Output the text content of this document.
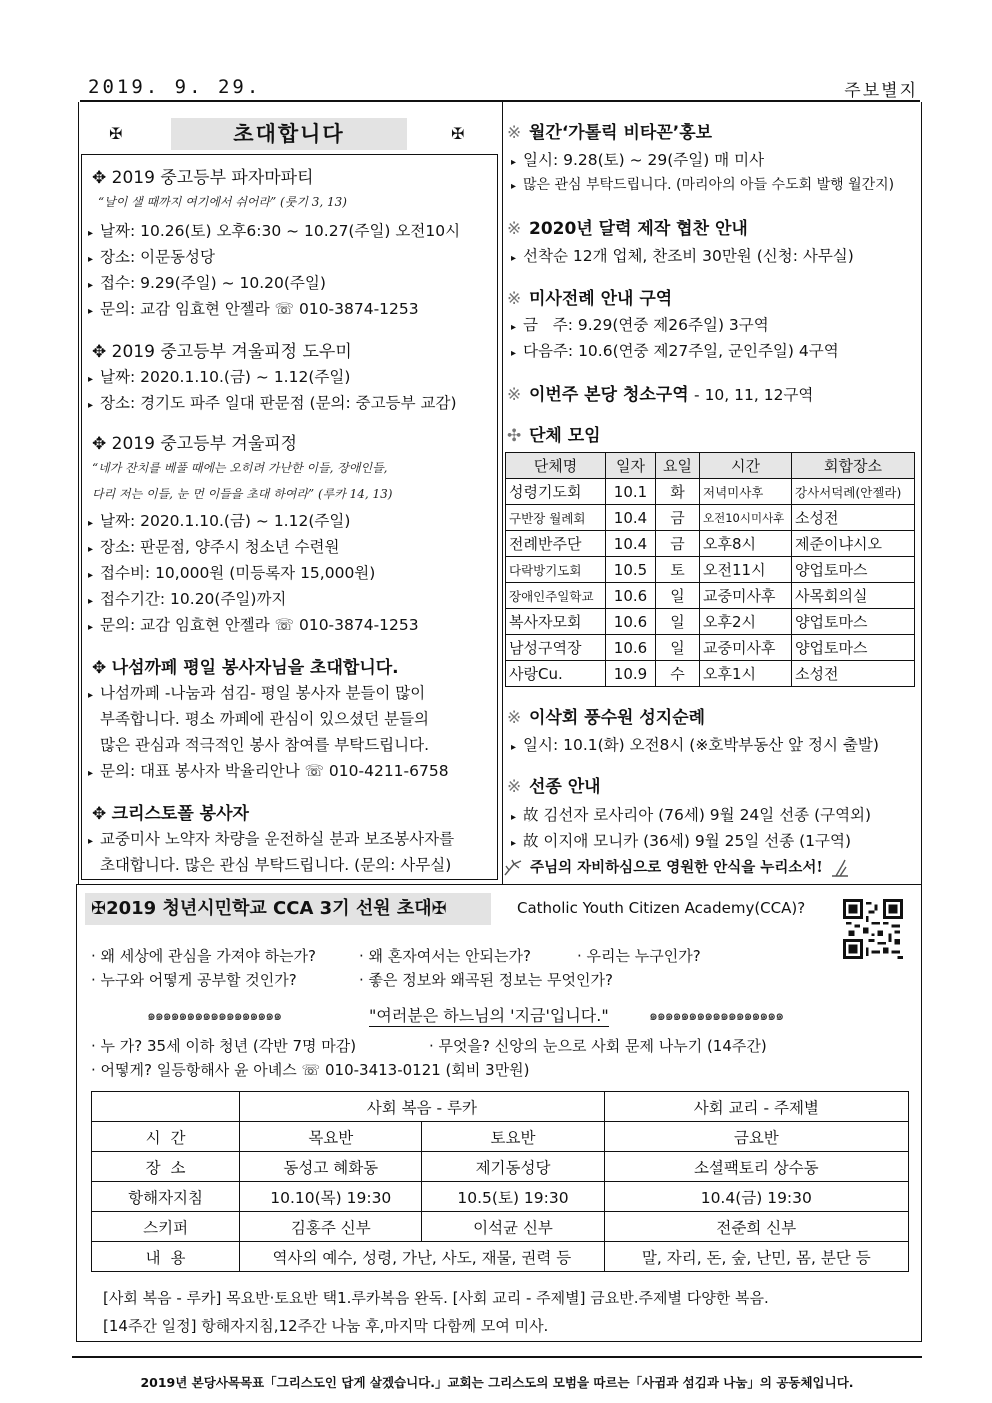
2019. 9. 29.	주보별지
✠	초대합니다	✠
✥ 2019 중고등부 파자마파티
“날이 샐 때까지 여기에서 쉬어라” (룻기 3, 13)
▸ 날짜: 10.26(토) 오후6:30 ~ 10.27(주일) 오전10시
▸ 장소: 이문동성당
▸ 접수: 9.29(주일) ~ 10.20(주일)
▸ 문의: 교감 임효현 안젤라 ☏ 010-3874-1253
✥ 2019 중고등부 겨울피정 도우미
▸ 날짜: 2020.1.10.(금) ~ 1.12(주일)
▸ 장소: 경기도 파주 일대 판문점 (문의: 중고등부 교감)
✥ 2019 중고등부 겨울피정
“네가 잔치를 베풀 때에는 오히려 가난한 이들, 장애인들,
다리 저는 이들, 눈 먼 이들을 초대 하여라” (루카 14, 13)
▸ 날짜: 2020.1.10.(금) ~ 1.12(주일)
▸ 장소: 판문점, 양주시 청소년 수련원
▸ 접수비: 10,000원 (미등록자 15,000원)
▸ 접수기간: 10.20(주일)까지
▸ 문의: 교감 임효현 안젤라 ☏ 010-3874-1253
✥ 나섬까페 평일 봉사자님을 초대합니다.
▸ 나섬까페 -나눔과 섬김- 평일 봉사자 분들이 많이
부족합니다. 평소 까페에 관심이 있으셨던 분들의
많은 관심과 적극적인 봉사 참여를 부탁드립니다.
▸ 문의: 대표 봉사자 박율리안나 ☏ 010-4211-6758
✥ 크리스토폴 봉사자
▸ 교중미사 노약자 차량을 운전하실 분과 보조봉사자를
초대합니다. 많은 관심 부탁드립니다. (문의: 사무실)
※ 월간‘가톨릭 비타꼰’홍보
▸ 일시: 9.28(토) ~ 29(주일) 매 미사
▸ 많은 관심 부탁드립니다. (마리아의 아들 수도회 발행 월간지)
※ 2020년 달력 제작 협찬 안내
▸ 선착순 12개 업체, 찬조비 30만원 (신청: 사무실)
※ 미사전례 안내 구역
▸ 금   주: 9.29(연중 제26주일) 3구역
▸ 다음주: 10.6(연중 제27주일, 군인주일) 4구역
※ 이번주 본당 청소구역 - 10, 11, 12구역
✣ 단체 모임
단체명	일자	요일	시간	회합장소
성령기도회	10.1	화	저녁미사후	강사서덕례(안젤라)
구반장 월례회	10.4	금	오전10시미사후	소성전
전례반주단	10.4	금	오후8시	제준이냐시오
다락방기도회	10.5	토	오전11시	양업토마스
장애인주일학교	10.6	일	교중미사후	사목회의실
복사자모회	10.6	일	오후2시	양업토마스
남성구역장	10.6	일	교중미사후	양업토마스
사랑Cu.	10.9	수	오후1시	소성전
※ 이삭회 풍수원 성지순례
▸ 일시: 10.1(화) 오전8시 (※호박부동산 앞 정시 출발)
※ 선종 안내
▸ 故 김선자 로사리아 (76세) 9월 24일 선종 (구역외)
▸ 故 이지애 모니카 (36세) 9월 25일 선종 (1구역)
주님의 자비하심으로 영원한 안식을 누리소서!
✠2019 청년시민학교 CCA 3기 선원 초대✠	Catholic Youth Citizen Academy(CCA)?
· 왜 세상에 관심을 가져야 하는가?	· 왜 혼자여서는 안되는가?	· 우리는 누구인가?
· 누구와 어떻게 공부할 것인가?	· 좋은 정보와 왜곡된 정보는 무엇인가?
๑๑๑๑๑๑๑๑๑๑๑๑๑๑๑๑๑	"여러분은 하느님의 '지금'입니다."	๑๑๑๑๑๑๑๑๑๑๑๑๑๑๑๑๑
· 누 가? 35세 이하 청년 (각반 7명 마감)	· 무엇을? 신앙의 눈으로 사회 문제 나누기 (14주간)
· 어떻게? 일등항해사 윤 아녜스 ☏ 010-3413-0121 (회비 3만원)
	사회 복음 - 루카		사회 교리 - 주제별
시  간	목요반	토요반	금요반
장  소	동성고 혜화동	제기동성당	소셜팩토리 상수동
항해자지침	10.10(목) 19:30	10.5(토) 19:30	10.4(금) 19:30
스키퍼	김홍주 신부	이석균 신부	전준희 신부
내  용	역사의 예수, 성령, 가난, 사도, 재물, 권력 등		말, 자리, 돈, 숲, 난민, 몸, 분단 등
[사회 복음 - 루카] 목요반·토요반 택1.루카복음 완독. [사회 교리 - 주제별] 금요반.주제별 다양한 복음.
[14주간 일정] 항해자지침,12주간 나눔 후,마지막 다함께 모여 미사.
2019년 본당사목목표「그리스도인 답게 살겠습니다.」교회는 그리스도의 모범을 따르는「사귐과 섬김과 나눔」의 공동체입니다.
